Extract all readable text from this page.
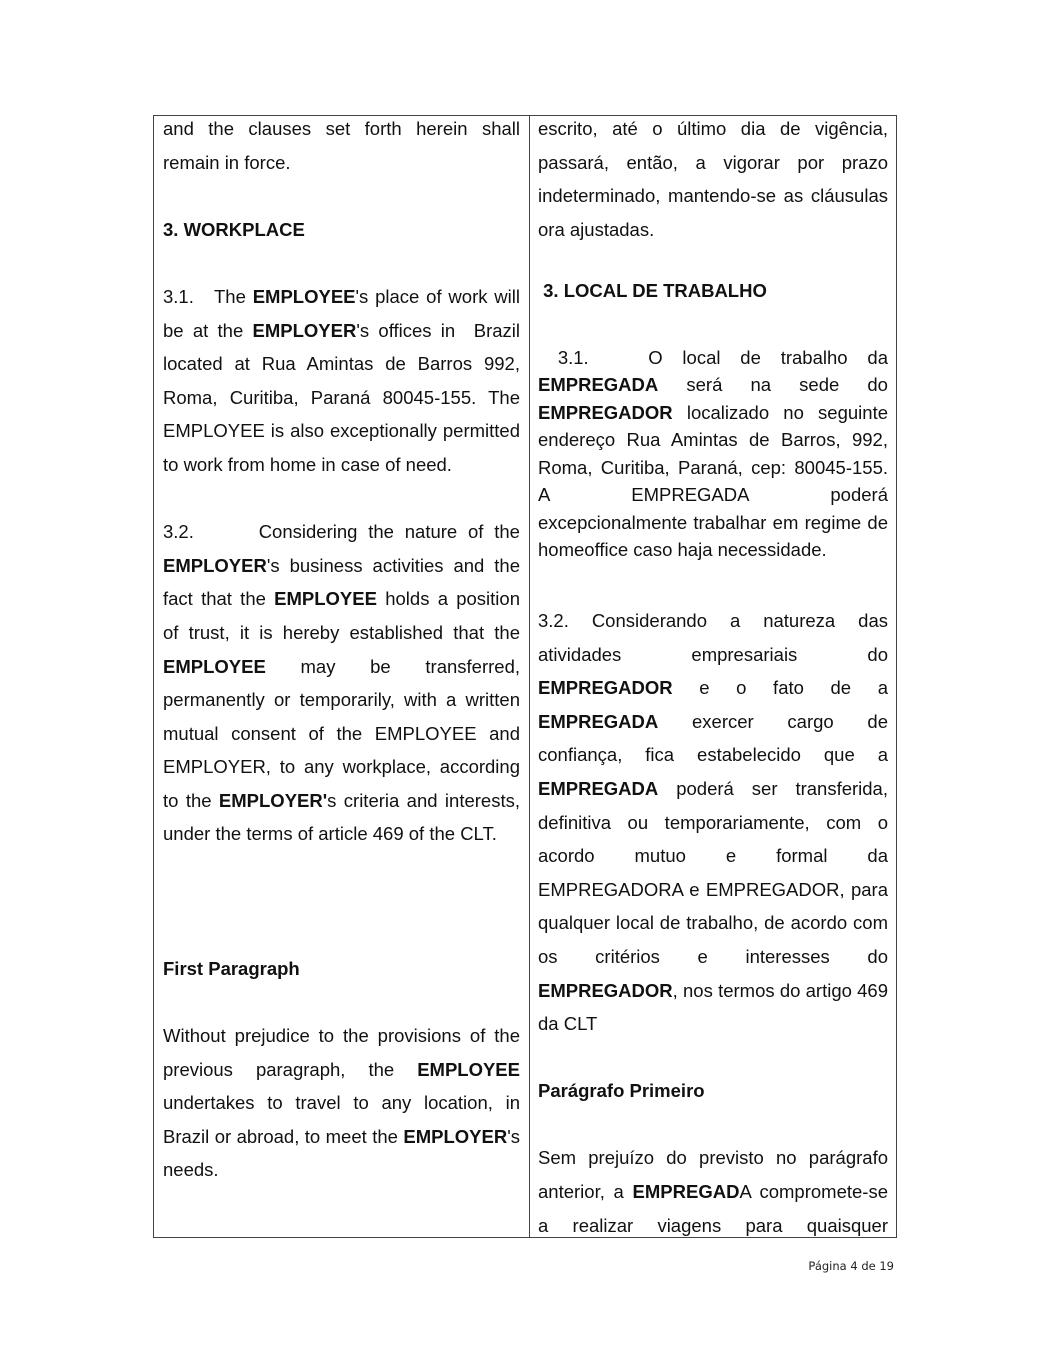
and the clauses set forth herein shall remain in force.

3. WORKPLACE

3.1.   The EMPLOYEE's place of work will be at the EMPLOYER's offices in  Brazil located at Rua Amintas de Barros 992, Roma, Curitiba, Paraná 80045-155. The EMPLOYEE is also exceptionally permitted to work from home in case of need.

3.2.      Considering the nature of the EMPLOYER's business activities and the fact that the EMPLOYEE holds a position of trust, it is hereby established that the EMPLOYEE may be transferred, permanently or temporarily, with a written mutual consent of the EMPLOYEE and EMPLOYER, to any workplace, according to the EMPLOYER's criteria and interests, under the terms of article 469 of the CLT.

First Paragraph

Without prejudice to the provisions of the previous paragraph, the EMPLOYEE undertakes to travel to any location, in Brazil or abroad, to meet the EMPLOYER's needs.

escrito, até o último dia de vigência, passará, então, a vigorar por prazo indeterminado, mantendo-se as cláusulas ora ajustadas.

3. LOCAL DE TRABALHO

3.1.   O local de trabalho da EMPREGADA será na sede do EMPREGADOR localizado no seguinte endereço Rua Amintas de Barros, 992, Roma, Curitiba, Paraná, cep: 80045-155. A EMPREGADA poderá excepcionalmente trabalhar em regime de homeoffice caso haja necessidade.

3.2. Considerando a natureza das atividades empresariais do EMPREGADOR e o fato de a EMPREGADA exercer cargo de confiança, fica estabelecido que a EMPREGADA poderá ser transferida, definitiva ou temporariamente, com o acordo mutuo e formal da EMPREGADORA e EMPREGADOR, para qualquer local de trabalho, de acordo com os critérios e interesses do EMPREGADOR, nos termos do artigo 469 da CLT

Parágrafo Primeiro

Sem prejuízo do previsto no parágrafo anterior, a EMPREGADA compromete-se a realizar viagens para quaisquer

Página 4 de 19
